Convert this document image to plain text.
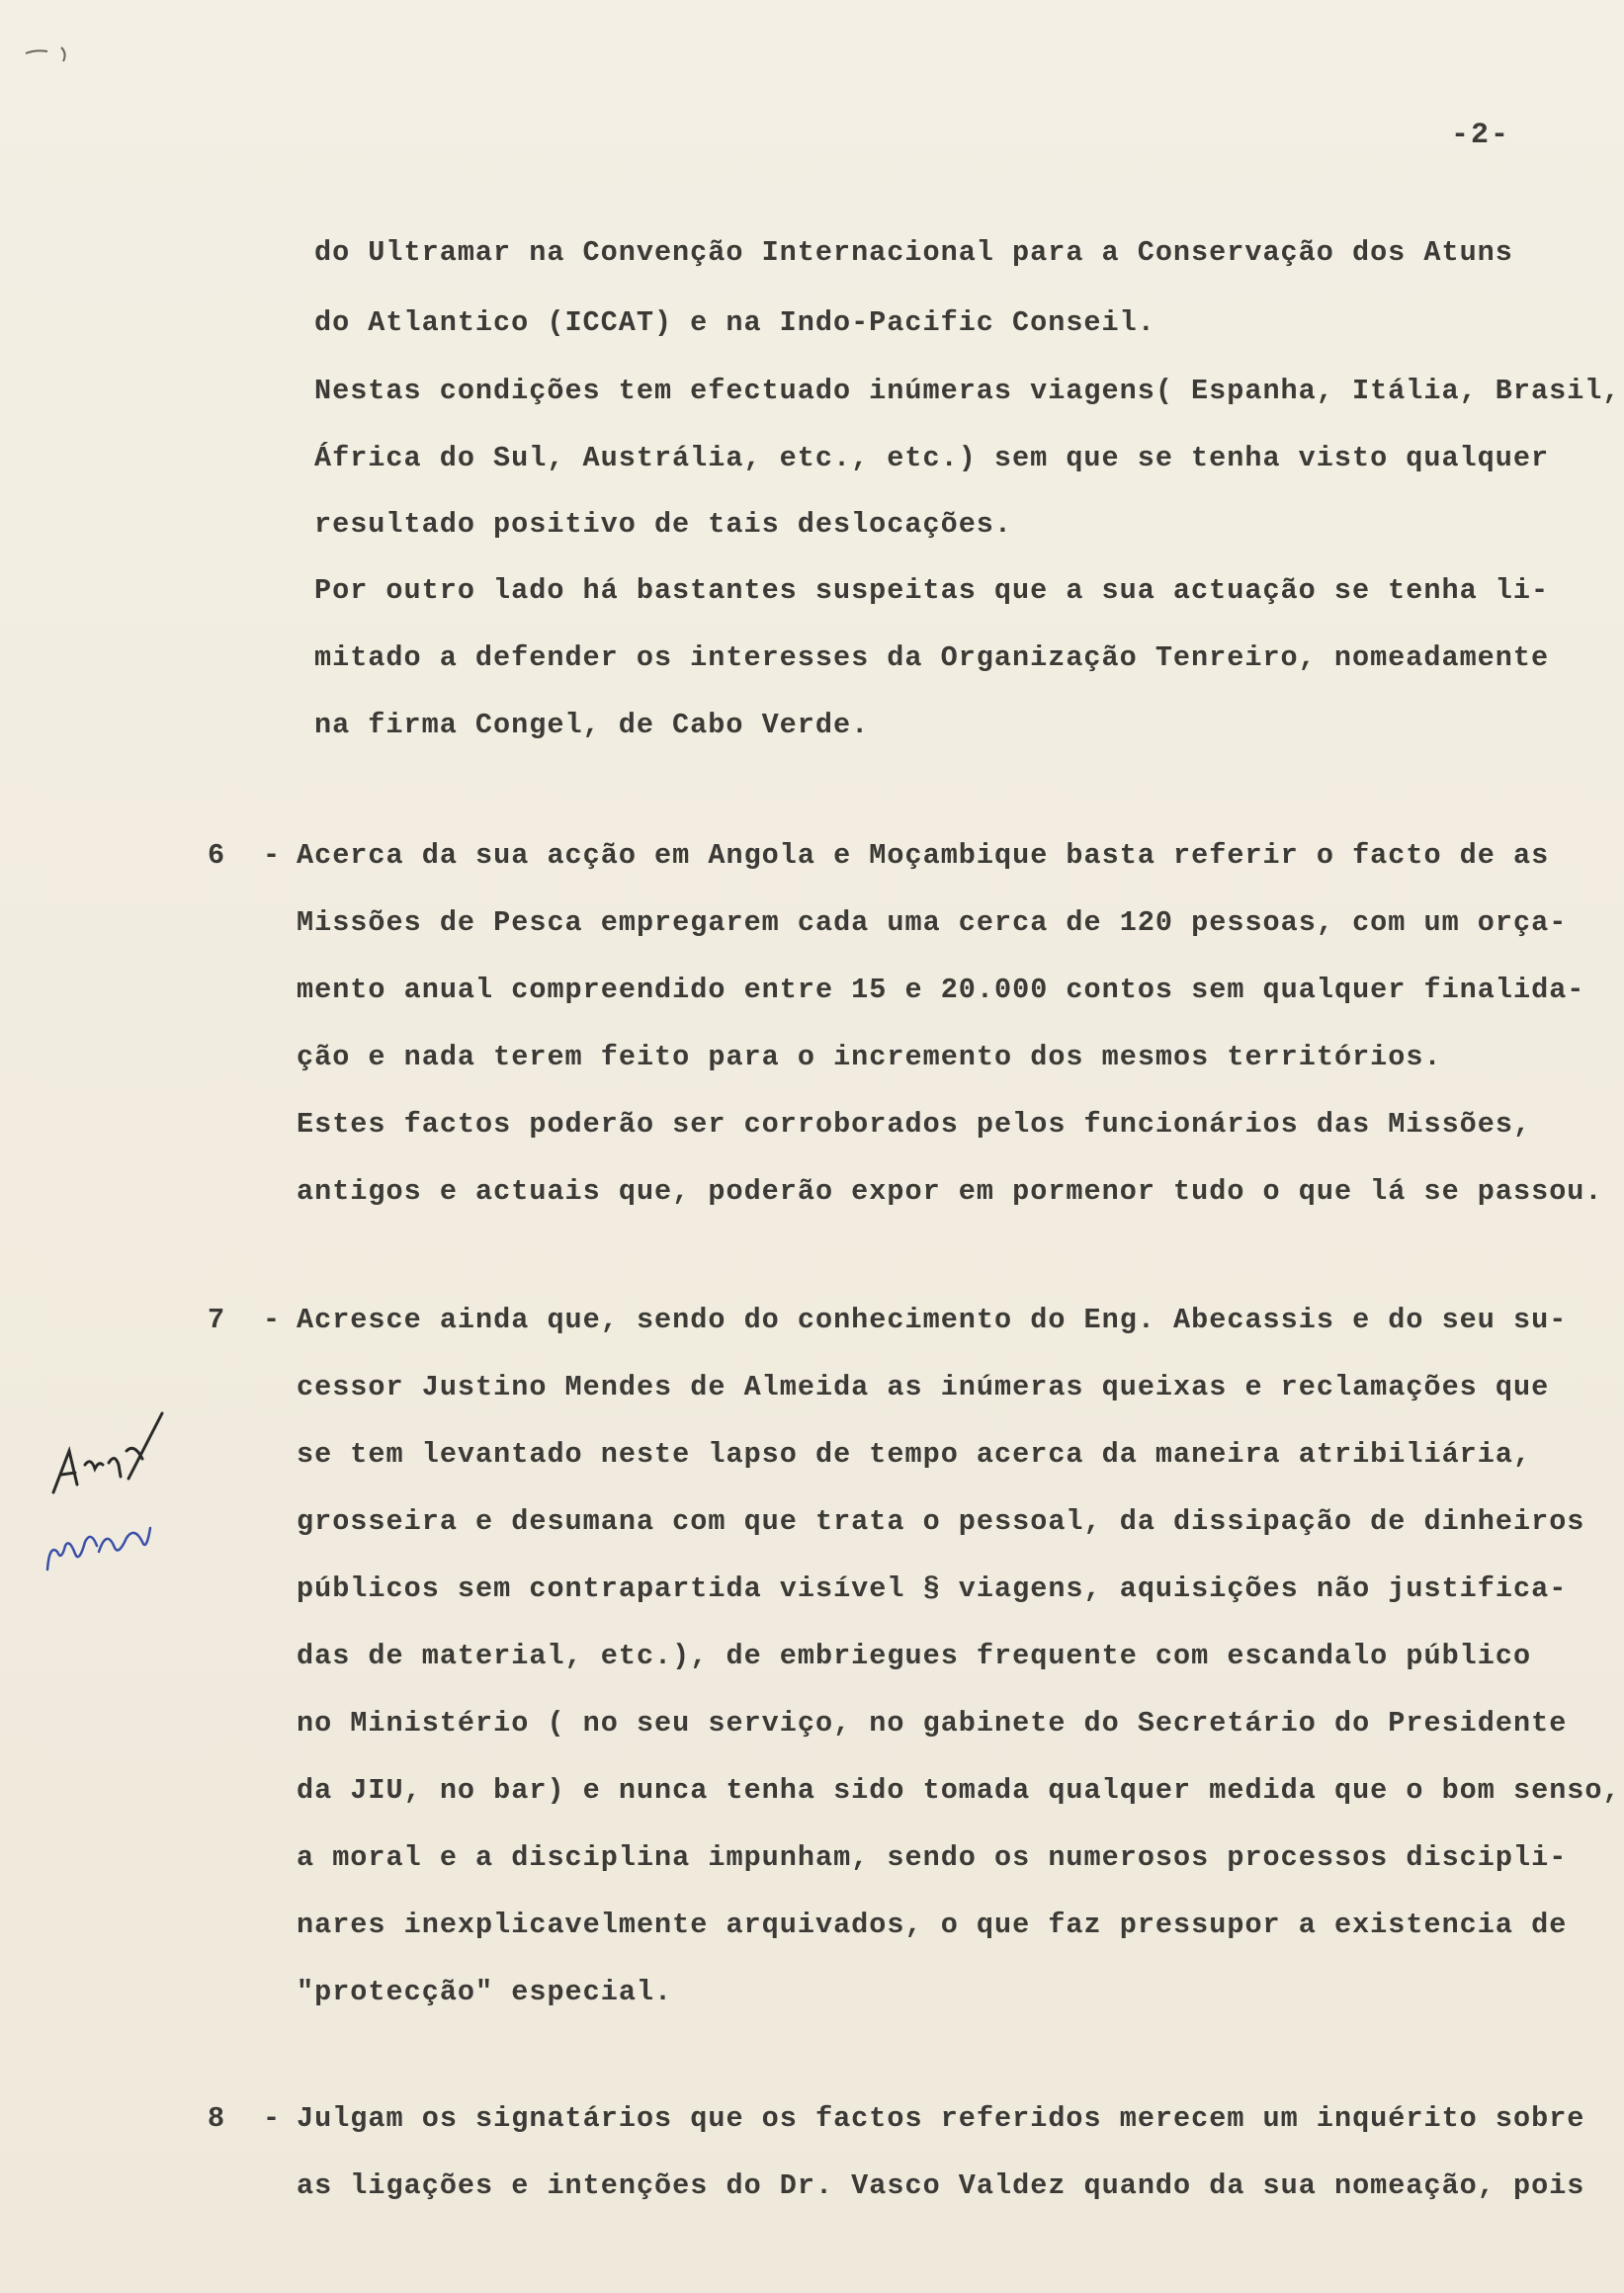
-2-
do Ultramar na Convenção Internacional para a Conservação dos Atuns
do Atlantico (ICCAT) e na Indo-Pacific Conseil.
Nestas condições tem efectuado inúmeras viagens( Espanha, Itália, Brasil,
África do Sul, Austrália, etc., etc.) sem que se tenha visto qualquer
resultado positivo de tais deslocações.
Por outro lado há bastantes suspeitas que a sua actuação se tenha li-
mitado a defender os interesses da Organização Tenreiro, nomeadamente
na firma Congel, de Cabo Verde.
6 - Acerca da sua acção em Angola e Moçambique basta referir o facto de as
Missões de Pesca empregarem cada uma cerca de 120 pessoas, com um orça-
mento anual compreendido entre 15 e 20.000 contos sem qualquer finalida-
ção e nada terem feito para o incremento dos mesmos territórios.
Estes factos poderão ser corroborados pelos funcionários das Missões,
antigos e actuais que, poderão expor em pormenor tudo o que lá se passou.
7 - Acresce ainda que, sendo do conhecimento do Eng. Abecassis e do seu su-
cessor Justino Mendes de Almeida as inúmeras queixas e reclamações que
se tem levantado neste lapso de tempo acerca da maneira atribiliária,
grosseira e desumana com que trata o pessoal, da dissipação de dinheiros
públicos sem contrapartida visível § viagens, aquisições não justifica-
das de material, etc.), de embriegues frequente com escandalo público
no Ministério ( no seu serviço, no gabinete do Secretário do Presidente
da JIU, no bar) e nunca tenha sido tomada qualquer medida que o bom senso,
a moral e a disciplina impunham, sendo os numerosos processos discipli-
nares inexplicavelmente arquivados, o que faz pressupor a existencia de
"protecção" especial.
8 - Julgam os signatários que os factos referidos merecem um inquérito sobre
as ligações e intenções do Dr. Vasco Valdez quando da sua nomeação, pois
